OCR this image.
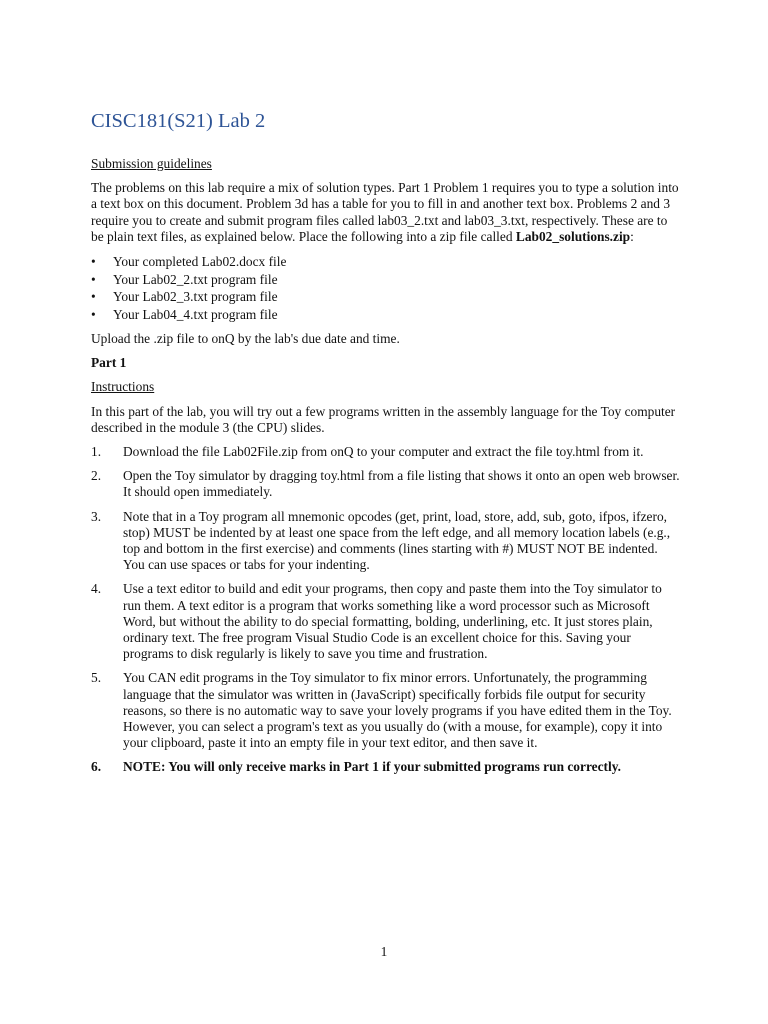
CISC181(S21) Lab 2
Submission guidelines

The problems on this lab require a mix of solution types. Part 1 Problem 1 requires you to type a solution into a text box on this document. Problem 3d has a table for you to fill in and another text box. Problems 2 and 3 require you to create and submit program files called lab03_2.txt and lab03_3.txt, respectively. These are to be plain text files, as explained below. Place the following into a zip file called Lab02_solutions.zip:

• Your completed Lab02.docx file
• Your Lab02_2.txt program file
• Your Lab02_3.txt program file
• Your Lab04_4.txt program file

Upload the .zip file to onQ by the lab's due date and time.

Part 1

Instructions

In this part of the lab, you will try out a few programs written in the assembly language for the Toy computer described in the module 3 (the CPU) slides.

1. Download the file Lab02File.zip from onQ to your computer and extract the file toy.html from it.
2. Open the Toy simulator by dragging toy.html from a file listing that shows it onto an open web browser. It should open immediately.
3. Note that in a Toy program all mnemonic opcodes (get, print, load, store, add, sub, goto, ifpos, ifzero, stop) MUST be indented by at least one space from the left edge, and all memory location labels (e.g., top and bottom in the first exercise) and comments (lines starting with #) MUST NOT BE indented. You can use spaces or tabs for your indenting.
4. Use a text editor to build and edit your programs, then copy and paste them into the Toy simulator to run them. A text editor is a program that works something like a word processor such as Microsoft Word, but without the ability to do special formatting, bolding, underlining, etc. It just stores plain, ordinary text. The free program Visual Studio Code is an excellent choice for this. Saving your programs to disk regularly is likely to save you time and frustration.
5. You CAN edit programs in the Toy simulator to fix minor errors. Unfortunately, the programming language that the simulator was written in (JavaScript) specifically forbids file output for security reasons, so there is no automatic way to save your lovely programs if you have edited them in the Toy. However, you can select a program's text as you usually do (with a mouse, for example), copy it into your clipboard, paste it into an empty file in your text editor, and then save it.
6. NOTE: You will only receive marks in Part 1 if your submitted programs run correctly.
1
